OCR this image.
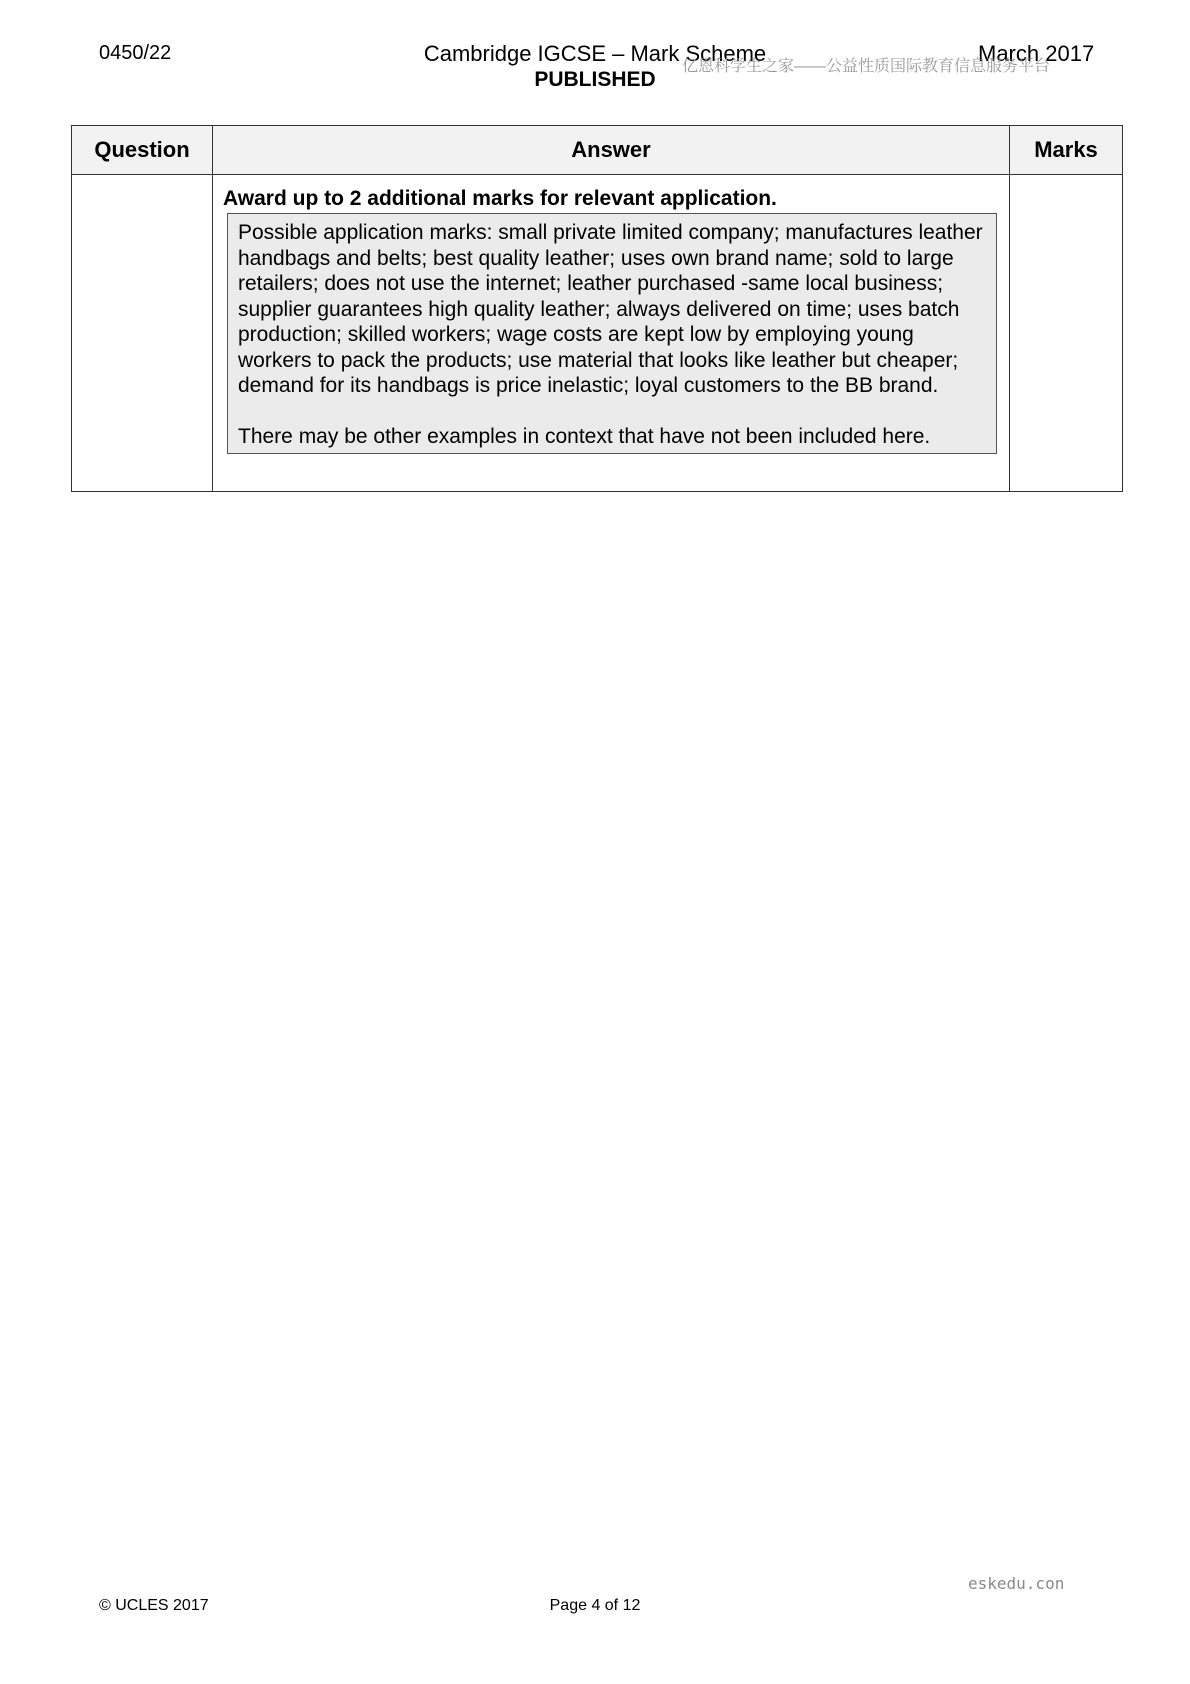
0450/22	Cambridge IGCSE – Mark Scheme
PUBLISHED
March 2017
亿恩科学生之家——公益性质国际教育信息服务平台
Question	Answer	Marks

	Award up to 2 additional marks for relevant application.

Possible application marks: small private limited company; manufactures leather handbags and belts; best quality leather; uses own brand name; sold to large retailers; does not use the internet; leather purchased -same local business; supplier guarantees high quality leather; always delivered on time; uses batch production; skilled workers; wage costs are kept low by employing young workers to pack the products; use material that looks like leather but cheaper; demand for its handbags is price inelastic; loyal customers to the BB brand.

There may be other examples in context that have not been included here.	

eskedu.con
© UCLES 2017	Page 4 of 12
